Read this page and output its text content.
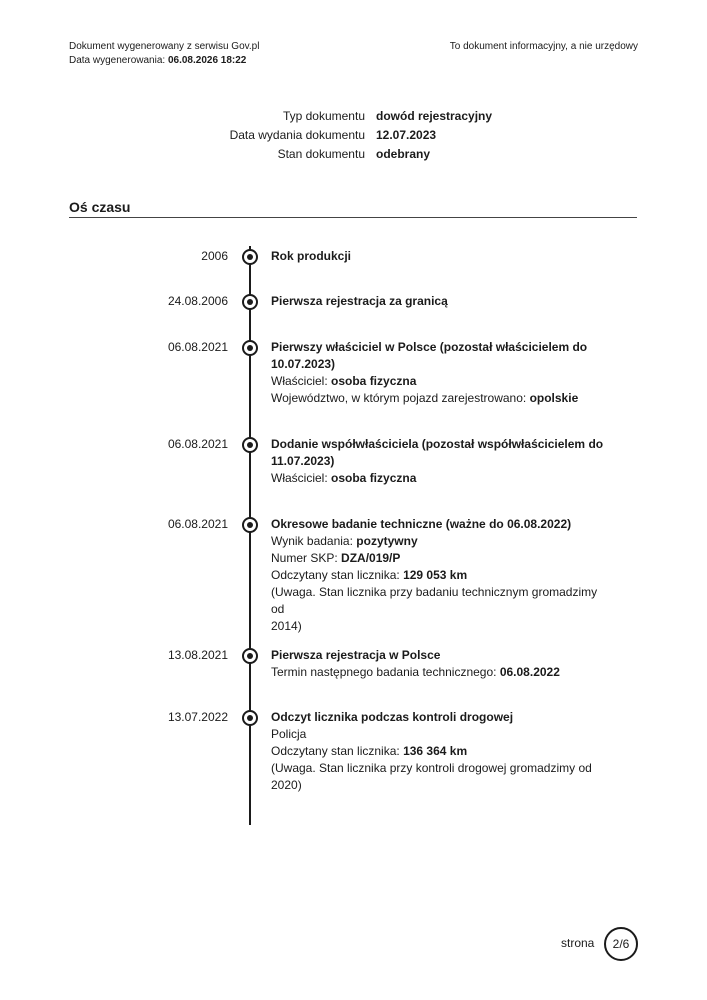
Dokument wygenerowany z serwisu Gov.pl
Data wygenerowania: 06.08.2026 18:22
To dokument informacyjny, a nie urzędowy
Typ dokumentu dowód rejestracyjny
Data wydania dokumentu 12.07.2023
Stan dokumentu odebrany
Oś czasu
2006	Rok produkcji
24.08.2006	Pierwsza rejestracja za granicą
06.08.2021	Pierwszy właściciel w Polsce (pozostał właścicielem do
10.07.2023)
Właściciel: osoba fizyczna
Województwo, w którym pojazd zarejestrowano: opolskie
06.08.2021	Dodanie współwłaściciela (pozostał współwłaścicielem do
11.07.2023)
Właściciel: osoba fizyczna
06.08.2021	Okresowe badanie techniczne (ważne do 06.08.2022)
Wynik badania: pozytywny
Numer SKP: DZA/019/P
Odczytany stan licznika: 129 053 km
(Uwaga. Stan licznika przy badaniu technicznym gromadzimy od
2014)
13.08.2021	Pierwsza rejestracja w Polsce
Termin następnego badania technicznego: 06.08.2022
13.07.2022	Odczyt licznika podczas kontroli drogowej
Policja
Odczytany stan licznika: 136 364 km
(Uwaga. Stan licznika przy kontroli drogowej gromadzimy od
2020)
strona	2/6
